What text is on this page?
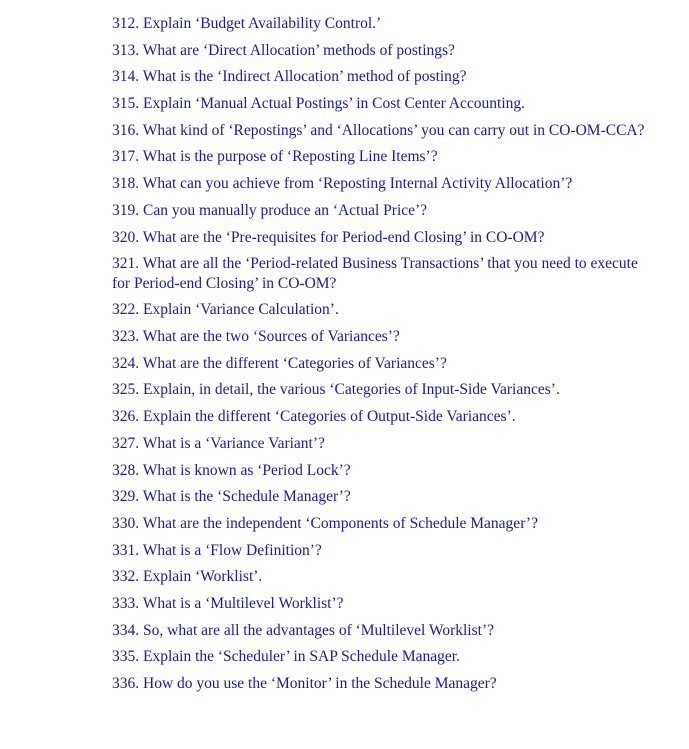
312. Explain ‘Budget Availability Control.’
313. What are ‘Direct Allocation’ methods of postings?
314. What is the ‘Indirect Allocation’ method of posting?
315. Explain ‘Manual Actual Postings’ in Cost Center Accounting.
316. What kind of ‘Repostings’ and ‘Allocations’ you can carry out in CO-OM-CCA?
317. What is the purpose of ‘Reposting Line Items’?
318. What can you achieve from ‘Reposting Internal Activity Allocation’?
319. Can you manually produce an ‘Actual Price’?
320. What are the ‘Pre-requisites for Period-end Closing’ in CO-OM?
321. What are all the ‘Period-related Business Transactions’ that you need to execute for Period-end Closing’ in CO-OM?
322. Explain ‘Variance Calculation’.
323. What are the two ‘Sources of Variances’?
324. What are the different ‘Categories of Variances’?
325. Explain, in detail, the various ‘Categories of Input-Side Variances’.
326. Explain the different ‘Categories of Output-Side Variances’.
327. What is a ‘Variance Variant’?
328. What is known as ‘Period Lock’?
329. What is the ‘Schedule Manager’?
330. What are the independent ‘Components of Schedule Manager’?
331. What is a ‘Flow Definition’?
332. Explain ‘Worklist’.
333. What is a ‘Multilevel Worklist’?
334. So, what are all the advantages of ‘Multilevel Worklist’?
335. Explain the ‘Scheduler’ in SAP Schedule Manager.
336. How do you use the ‘Monitor’ in the Schedule Manager?
